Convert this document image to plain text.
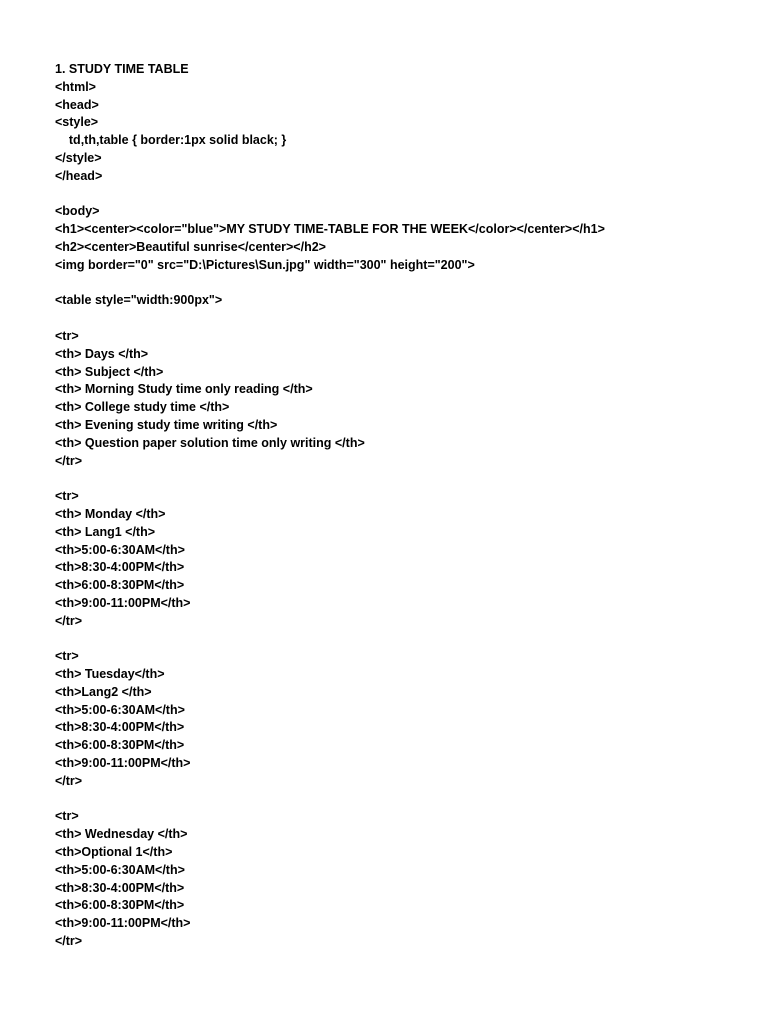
1. STUDY TIME TABLE
<html>
<head>
<style>
td,th,table { border:1px solid black; }
</style>
</head>
<body>
<h1><center><color="blue">MY STUDY TIME-TABLE FOR THE WEEK</color></center></h1>
<h2><center>Beautiful sunrise</center></h2>
<img border="0" src="D:\Pictures\Sun.jpg" width="300" height="200">
<table style="width:900px">
<tr>
<th> Days </th>
<th> Subject </th>
<th> Morning Study time only reading </th>
<th> College study time </th>
<th> Evening study time writing </th>
<th> Question paper solution time only writing </th>
</tr>
<tr>
<th> Monday </th>
<th> Lang1 </th>
<th>5:00-6:30AM</th>
<th>8:30-4:00PM</th>
<th>6:00-8:30PM</th>
<th>9:00-11:00PM</th>
</tr>
<tr>
<th> Tuesday</th>
<th>Lang2 </th>
<th>5:00-6:30AM</th>
<th>8:30-4:00PM</th>
<th>6:00-8:30PM</th>
<th>9:00-11:00PM</th>
</tr>
<tr>
<th> Wednesday </th>
<th>Optional 1</th>
<th>5:00-6:30AM</th>
<th>8:30-4:00PM</th>
<th>6:00-8:30PM</th>
<th>9:00-11:00PM</th>
</tr>
